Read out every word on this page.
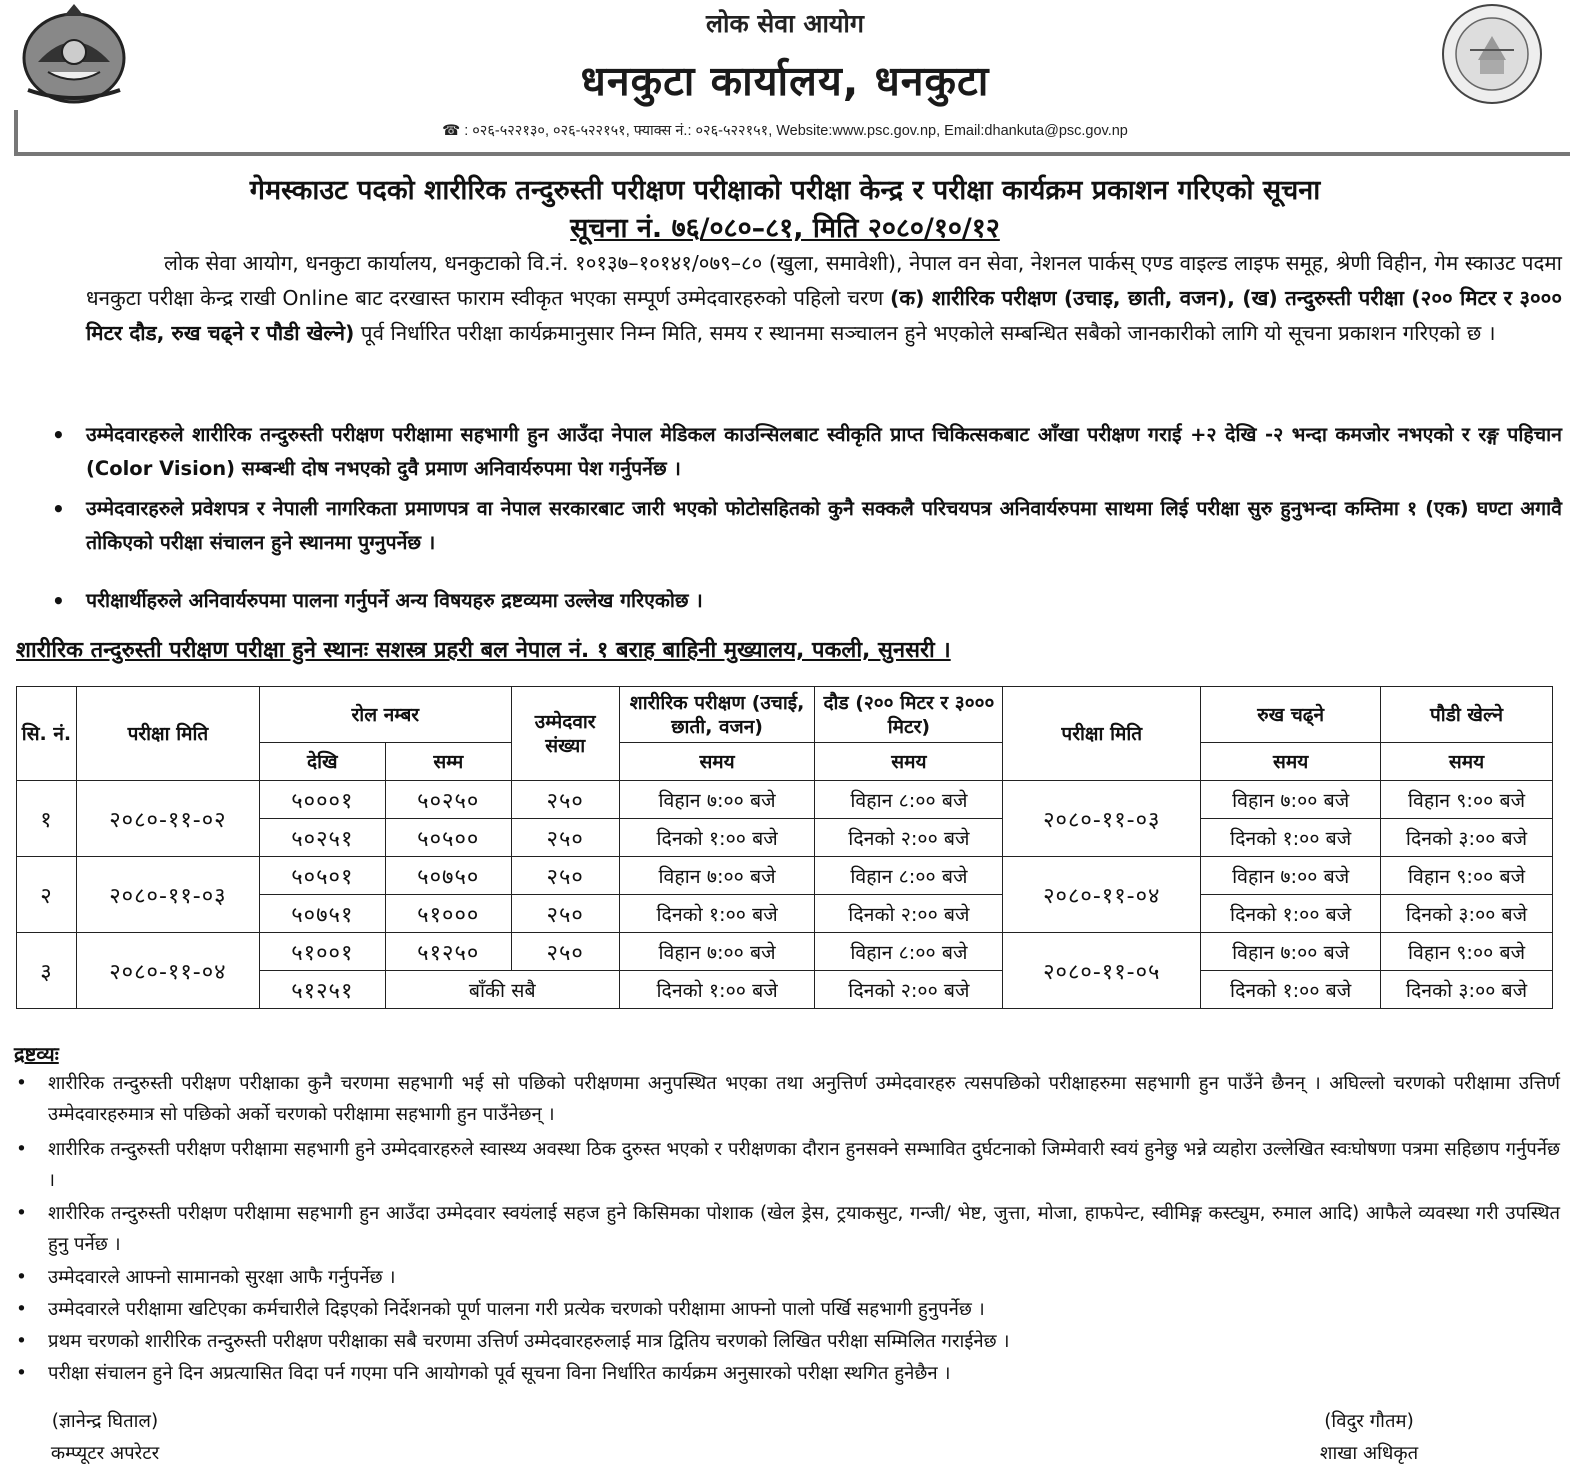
लोक सेवा आयोग
धनकुटा कार्यालय, धनकुटा
☎ : ०२६-५२२१३०, ०२६-५२२१५१, फ्याक्स नं.: ०२६-५२२१५१, Website:www.psc.gov.np, Email:dhankuta@psc.gov.np
गेमस्काउट पदको शारीरिक तन्दुरुस्ती परीक्षण परीक्षाको परीक्षा केन्द्र र परीक्षा कार्यक्रम प्रकाशन गरिएको सूचना
सूचना नं. ७६/०८०–८१, मिति २०८०/१०/१२

लोक सेवा आयोग, धनकुटा कार्यालय, धनकुटाको वि.नं. १०१३७–१०१४१/०७९–८० (खुला, समावेशी), नेपाल वन सेवा, नेशनल पार्कस् एण्ड वाइल्ड लाइफ समूह, श्रेणी विहीन, गेम स्काउट पदमा धनकुटा परीक्षा केन्द्र राखी Online बाट दरखास्त फाराम स्वीकृत भएका सम्पूर्ण उम्मेदवारहरुको पहिलो चरण (क) शारीरिक परीक्षण (उचाइ, छाती, वजन), (ख) तन्दुरुस्ती परीक्षा (२०० मिटर र ३००० मिटर दौड, रुख चढ्ने र पौडी खेल्ने) पूर्व निर्धारित परीक्षा कार्यक्रमानुसार निम्न मिति, समय र स्थानमा सञ्चालन हुने भएकोले सम्बन्धित सबैको जानकारीको लागि यो सूचना प्रकाशन गरिएको छ ।

• उम्मेदवारहरुले शारीरिक तन्दुरुस्ती परीक्षण परीक्षामा सहभागी हुन आउँदा नेपाल मेडिकल काउन्सिलबाट स्वीकृति प्राप्त चिकित्सकबाट आँखा परीक्षण गराई +२ देखि -२ भन्दा कमजोर नभएको र रङ्ग पहिचान (Color Vision) सम्बन्धी दोष नभएको दुवै प्रमाण अनिवार्यरुपमा पेश गर्नुपर्नेछ ।
• उम्मेदवारहरुले प्रवेशपत्र र नेपाली नागरिकता प्रमाणपत्र वा नेपाल सरकारबाट जारी भएको फोटोसहितको कुनै सक्कलै परिचयपत्र अनिवार्यरुपमा साथमा लिई परीक्षा सुरु हुनुभन्दा कम्तिमा १ (एक) घण्टा अगावै तोकिएको परीक्षा संचालन हुने स्थानमा पुग्नुपर्नेछ ।
• परीक्षार्थीहरुले अनिवार्यरुपमा पालना गर्नुपर्ने अन्य विषयहरु द्रष्टव्यमा उल्लेख गरिएकोछ ।
शारीरिक तन्दुरुस्ती परीक्षण परीक्षा हुने स्थानः सशस्त्र प्रहरी बल नेपाल नं. १ बराह बाहिनी मुख्यालय, पकली, सुनसरी ।
सि. नं.	परीक्षा मिति	रोल नम्बर		उम्मेदवार संख्या	शारीरिक परीक्षण (उचाई, छाती, वजन)	दौड (२०० मिटर र ३००० मिटर)	परीक्षा मिति	रुख चढ्ने	पौडी खेल्ने
		देखि	सम्म		समय	समय		समय	समय
१	२०८०-११-०२	५०००१	५०२५०	२५०	विहान ७:०० बजे	विहान ८:०० बजे	२०८०-११-०३	विहान ७:०० बजे	विहान ९:०० बजे
		५०२५१	५०५००	२५०	दिनको १:०० बजे	दिनको २:०० बजे		दिनको १:०० बजे	दिनको ३:०० बजे
२	२०८०-११-०३	५०५०१	५०७५०	२५०	विहान ७:०० बजे	विहान ८:०० बजे	२०८०-११-०४	विहान ७:०० बजे	विहान ९:०० बजे
		५०७५१	५१०००	२५०	दिनको १:०० बजे	दिनको २:०० बजे		दिनको १:०० बजे	दिनको ३:०० बजे
३	२०८०-११-०४	५१००१	५१२५०	२५०	विहान ७:०० बजे	विहान ८:०० बजे	२०८०-११-०५	विहान ७:०० बजे	विहान ९:०० बजे
		५१२५१	बाँकी सबै		दिनको १:०० बजे	दिनको २:०० बजे		दिनको १:०० बजे	दिनको ३:०० बजे
द्रष्टव्यः
• शारीरिक तन्दुरुस्ती परीक्षण परीक्षाका कुनै चरणमा सहभागी भई सो पछिको परीक्षणमा अनुपस्थित भएका तथा अनुत्तिर्ण उम्मेदवारहरु त्यसपछिको परीक्षाहरुमा सहभागी हुन पाउँने छैनन् । अघिल्लो चरणको परीक्षामा उत्तिर्ण उम्मेदवारहरुमात्र सो पछिको अर्को चरणको परीक्षामा सहभागी हुन पाउँनेछन् ।
• शारीरिक तन्दुरुस्ती परीक्षण परीक्षामा सहभागी हुने उम्मेदवारहरुले स्वास्थ्य अवस्था ठिक दुरुस्त भएको र परीक्षणका दौरान हुनसक्ने सम्भावित दुर्घटनाको जिम्मेवारी स्वयं हुनेछु भन्ने व्यहोरा उल्लेखित स्वःघोषणा पत्रमा सहिछाप गर्नुपर्नेछ ।
• शारीरिक तन्दुरुस्ती परीक्षण परीक्षामा सहभागी हुन आउँदा उम्मेदवार स्वयंलाई सहज हुने किसिमका पोशाक (खेल ड्रेस, ट्रयाकसुट, गन्जी/ भेष्ट, जुत्ता, मोजा, हाफपेन्ट, स्वीमिङ्ग कस्ट्युम, रुमाल आदि) आफैले व्यवस्था गरी उपस्थित हुनु पर्नेछ ।
• उम्मेदवारले आफ्नो सामानको सुरक्षा आफै गर्नुपर्नेछ ।
• उम्मेदवारले परीक्षामा खटिएका कर्मचारीले दिइएको निर्देशनको पूर्ण पालना गरी प्रत्येक चरणको परीक्षामा आफ्नो पालो पर्खि सहभागी हुनुपर्नेछ ।
• प्रथम चरणको शारीरिक तन्दुरुस्ती परीक्षण परीक्षाका सबै चरणमा उत्तिर्ण उम्मेदवारहरुलाई मात्र द्वितिय चरणको लिखित परीक्षा सम्मिलित गराईनेछ ।
• परीक्षा संचालन हुने दिन अप्रत्यासित विदा पर्न गएमा पनि आयोगको पूर्व सूचना विना निर्धारित कार्यक्रम अनुसारको परीक्षा स्थगित हुनेछैन ।
(ज्ञानेन्द्र घिताल)
कम्प्यूटर अपरेटर
(विदुर गौतम)
शाखा अधिकृत
